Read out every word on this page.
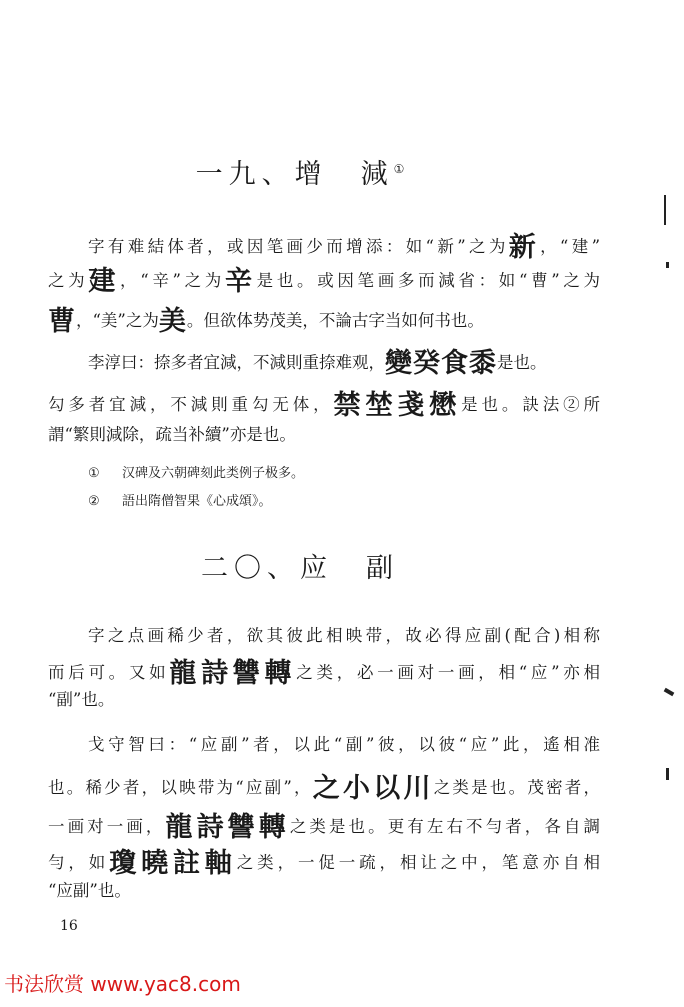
一九、增　減①
字有难結体者，或因笔画少而增添：如“新”之为新，“建”
之为建，“辛”之为辛是也。或因笔画多而減省：如“曹”之为
曹，“美”之为美。但欲体势茂美，不論古字当如何书也。
李淳曰：捺多者宜減，不減則重捺难观，變癸食黍是也。
勾多者宜減，不減則重勾无体，禁埜戔懋是也。訣法②所
謂“繁則減除，疏当补續”亦是也。
① 汉碑及六朝碑刻此类例子极多。
② 語出隋僧智果《心成頌》。
二〇、应　副
字之点画稀少者，欲其彼此相映带，故必得应副(配合)相称
而后可。又如龍詩讐轉之类，必一画对一画，相“应”亦相
“副”也。
戈守智曰：“应副”者，以此“副”彼，以彼“应”此，遙相准
也。稀少者，以映带为“应副”，之小以川之类是也。茂密者，
一画对一画，龍詩讐轉之类是也。更有左右不勻者，各自調
勻，如瓊曉註軸之类，一促一疏，相让之中，笔意亦自相
“应副”也。
16
书法欣赏 www.yac8.com
